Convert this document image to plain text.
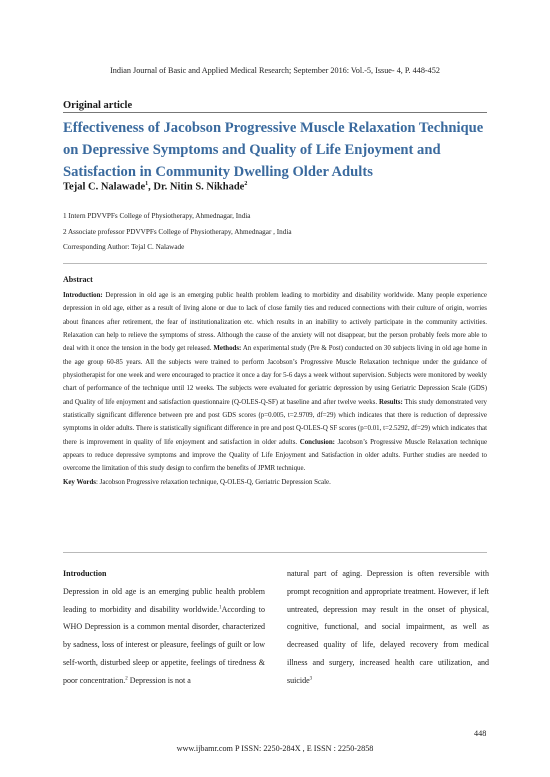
Indian Journal of Basic and Applied Medical Research; September 2016: Vol.-5, Issue- 4, P. 448-452
Original article
Effectiveness of Jacobson Progressive Muscle Relaxation Technique on Depressive Symptoms and Quality of Life Enjoyment and Satisfaction in Community Dwelling Older Adults
Tejal C. Nalawade$^1$, Dr. Nitin S. Nikhade$^2$
1 Intern PDVVPFs College of Physiotherapy, Ahmednagar, India
2 Associate professor PDVVPFs College of Physiotherapy, Ahmednagar , India
Corresponding Author: Tejal C. Nalawade
Abstract
Introduction: Depression in old age is an emerging public health problem leading to morbidity and disability worldwide. Many people experience depression in old age, either as a result of living alone or due to lack of close family ties and reduced connections with their culture of origin, worries about finances after retirement, the fear of institutionalization etc. which results in an inability to actively participate in the community activities. Relaxation can help to relieve the symptoms of stress. Although the cause of the anxiety will not disappear, but the person probably feels more able to deal with it once the tension in the body get released. Methods: An experimental study (Pre & Post) conducted on 30 subjects living in old age home in the age group 60-85 years. All the subjects were trained to perform Jacobson’s Progressive Muscle Relaxation technique under the guidance of physiotherapist for one week and were encouraged to practice it once a day for 5-6 days a week without supervision. Subjects were monitored by weekly chart of performance of the technique until 12 weeks. The subjects were evaluated for geriatric depression by using Geriatric Depression Scale (GDS) and Quality of life enjoyment and satisfaction questionnaire (Q-OLES-Q-SF) at baseline and after twelve weeks. Results: This study demonstrated very statistically significant difference between pre and post GDS scores (p=0.005, t=2.9709, df=29) which indicates that there is reduction of depressive symptoms in older adults. There is statistically significant difference in pre and post Q-OLES-Q SF scores (p=0.01, t=2.5292, df=29) which indicates that there is improvement in quality of life enjoyment and satisfaction in older adults. Conclusion: Jacobson’s Progressive Muscle Relaxation technique appears to reduce depressive symptoms and improve the Quality of Life Enjoyment and Satisfaction in older adults. Further studies are needed to overcome the limitation of this study design to confirm the benefits of JPMR technique.
Key Words: Jacobson Progressive relaxation technique, Q-OLES-Q, Geriatric Depression Scale.
Introduction
Depression in old age is an emerging public health problem leading to morbidity and disability worldwide.$^1$According to WHO Depression is a common mental disorder, characterized by sadness, loss of interest or pleasure, feelings of guilt or low self-worth, disturbed sleep or appetite, feelings of tiredness & poor concentration.$^2$ Depression is not a
natural part of aging. Depression is often reversible with prompt recognition and appropriate treatment. However, if left untreated, depression may result in the onset of physical, cognitive, functional, and social impairment, as well as decreased quality of life, delayed recovery from medical illness and surgery, increased health care utilization, and suicide$^3$
448
www.ijbamr.com P ISSN: 2250-284X , E ISSN : 2250-2858
